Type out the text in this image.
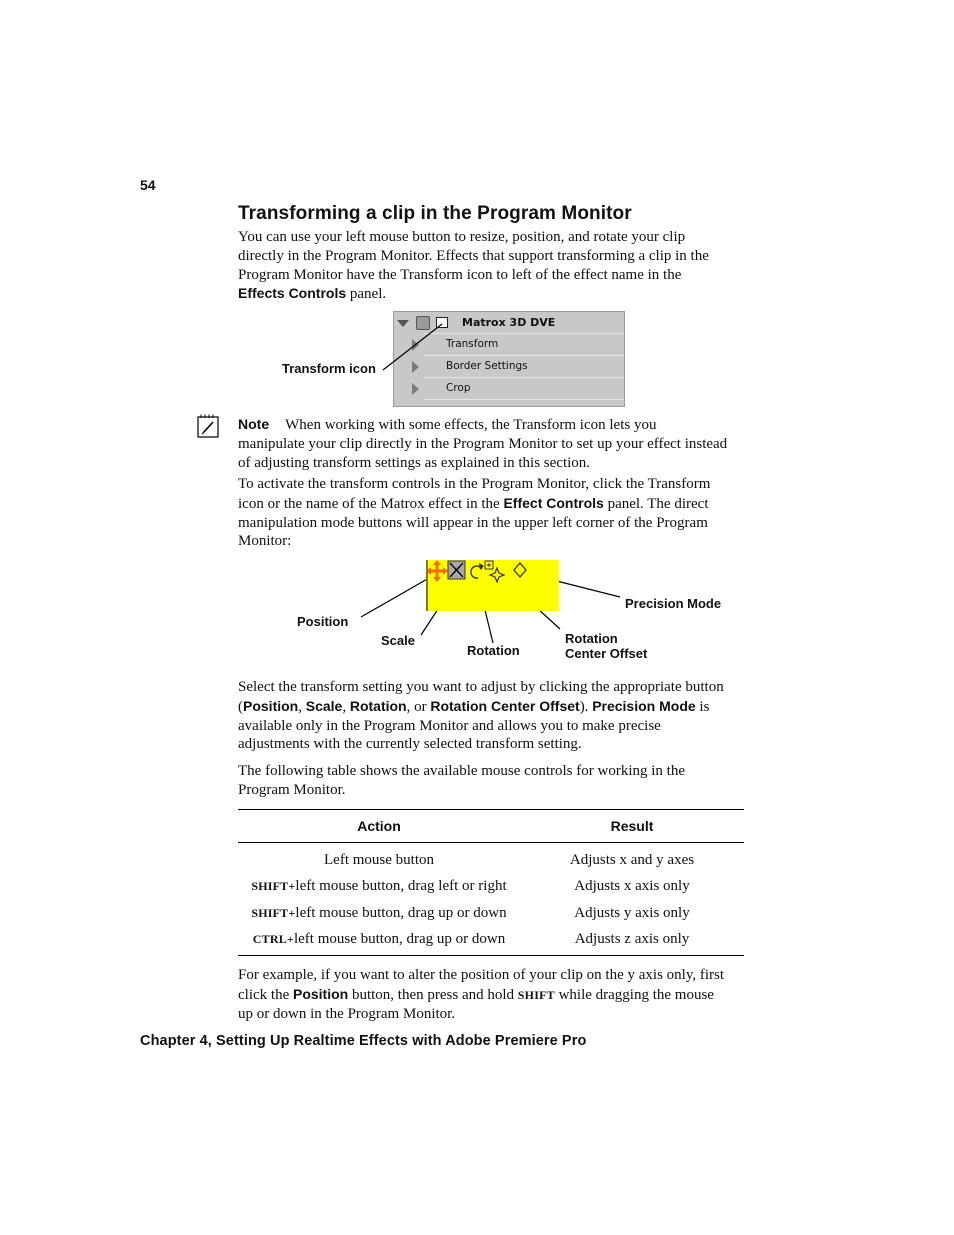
54
Transforming a clip in the Program Monitor
You can use your left mouse button to resize, position, and rotate your clip
directly in the Program Monitor. Effects that support transforming a clip in the
Program Monitor have the Transform icon to left of the effect name in the
Effects Controls panel.
Matrox 3D DVE
Transform
Border Settings
Crop
Transform icon
Note When working with some effects, the Transform icon lets you
manipulate your clip directly in the Program Monitor to set up your effect instead
of adjusting transform settings as explained in this section.
To activate the transform controls in the Program Monitor, click the Transform
icon or the name of the Matrox effect in the Effect Controls panel. The direct
manipulation mode buttons will appear in the upper left corner of the Program
Monitor:
Position
Scale
Rotation
Rotation
Center Offset
Precision Mode
Select the transform setting you want to adjust by clicking the appropriate button
(Position, Scale, Rotation, or Rotation Center Offset). Precision Mode is
available only in the Program Monitor and allows you to make precise
adjustments with the currently selected transform setting.
The following table shows the available mouse controls for working in the
Program Monitor.
Action	Result
Left mouse button	Adjusts x and y axes
SHIFT+left mouse button, drag left or right	Adjusts x axis only
SHIFT+left mouse button, drag up or down	Adjusts y axis only
CTRL+left mouse button, drag up or down	Adjusts z axis only
For example, if you want to alter the position of your clip on the y axis only, first
click the Position button, then press and hold SHIFT while dragging the mouse
up or down in the Program Monitor.
Chapter 4, Setting Up Realtime Effects with Adobe Premiere Pro
